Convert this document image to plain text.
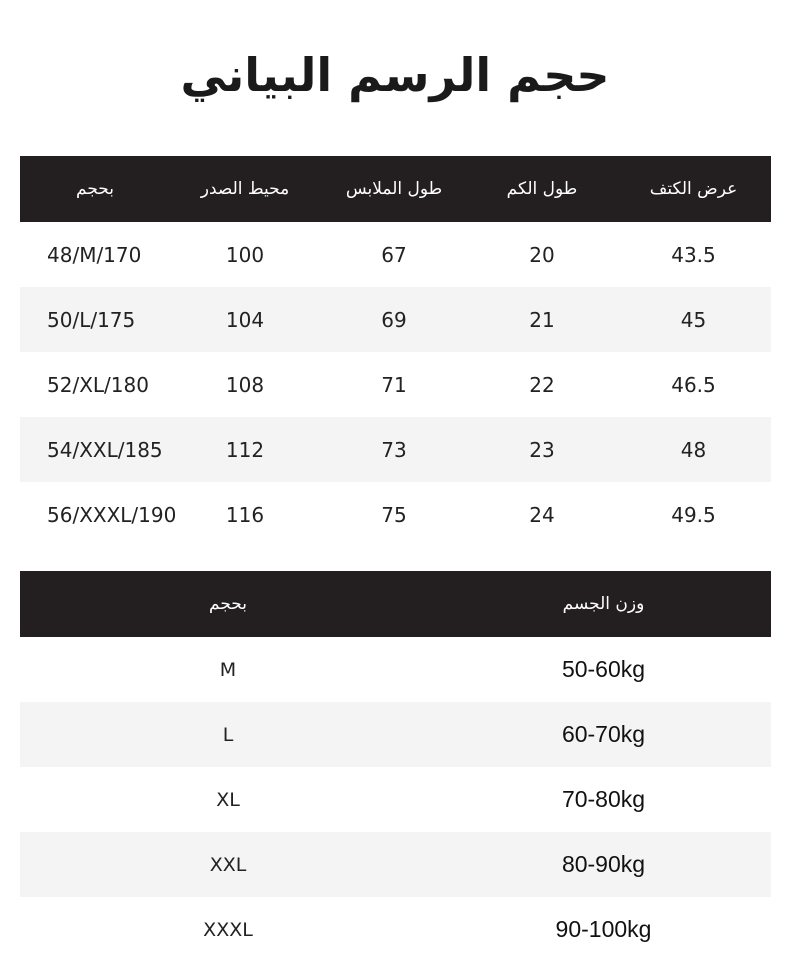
حجم الرسم البياني
بحجم	محيط الصدر	طول الملابس	طول الكم	عرض الكتف
48/M/170	100	67	20	43.5
50/L/175	104	69	21	45
52/XL/180	108	71	22	46.5
54/XXL/185	112	73	23	48
56/XXXL/190	116	75	24	49.5
بحجم	وزن الجسم
M	50-60kg
L	60-70kg
XL	70-80kg
XXL	80-90kg
XXXL	90-100kg
